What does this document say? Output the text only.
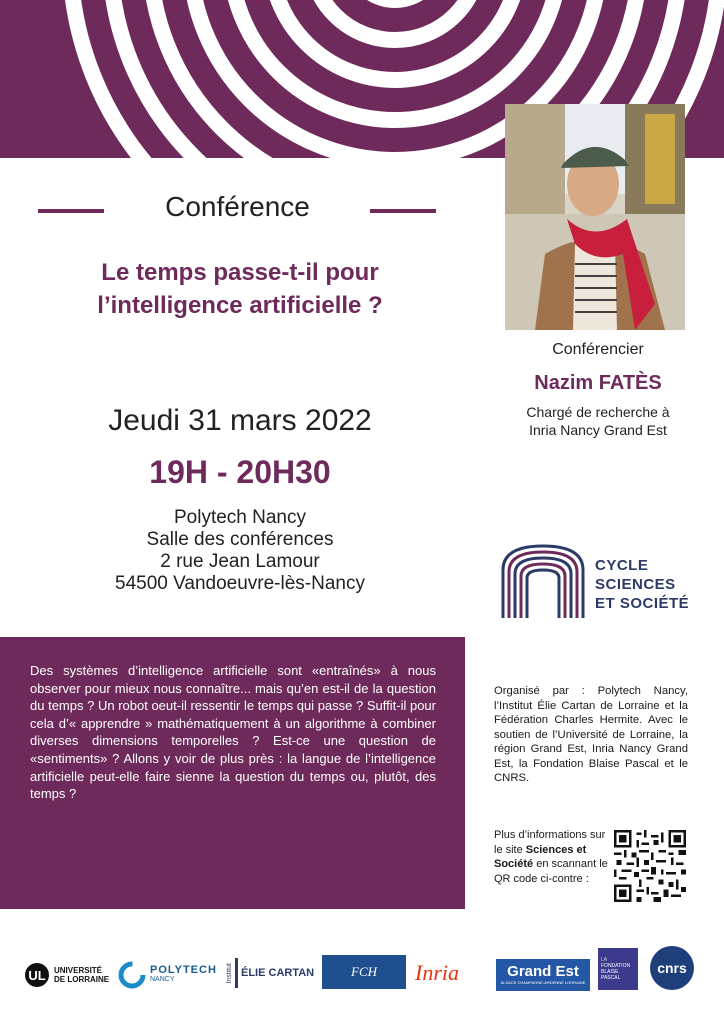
Conférence
Le temps passe-t-il pour
l’intelligence artificielle ?
Jeudi 31 mars 2022
19H - 20H30
Polytech Nancy
Salle des conférences
2 rue Jean Lamour
54500 Vandoeuvre-lès-Nancy
Conférencier
Nazim FATÈS
Chargé de recherche à
Inria Nancy Grand Est
CYCLE
SCIENCES
ET SOCIÉTÉ
Des systèmes d’intelligence artificielle sont «entraînés» à nous observer pour mieux nous connaître... mais qu’en est-il de la question du temps ? Un robot oeut-il ressentir le temps qui passe ? Suffit-il pour cela d’« apprendre » mathématiquement à un algorithme à combiner diverses dimensions temporelles ? Est-ce une question de «sentiments» ? Allons y voir de plus près : la langue de l’intelligence artificielle peut-elle faire sienne la question du temps ou, plutôt, des temps ?
Organisé par : Polytech Nancy, l’Institut Élie Cartan de Lorraine et la Fédération Charles Hermite. Avec le soutien de l’Université de Lorraine, la région Grand Est, Inria Nancy Grand Est, la Fondation Blaise Pascal et le CNRS.
Plus d’informations sur le site Sciences et Société en scannant le QR code ci-contre :
UL UNIVERSITÉ
DE LORRAINE
POLYTECH
NANCY	Institut ÉLIE CARTAN	FCH Inria	Grand Est
ALSACE CHAMPAGNE-ARDENNE LORRAINE
LA
FONDATION
BLAISE
PASCAL
cnrs
